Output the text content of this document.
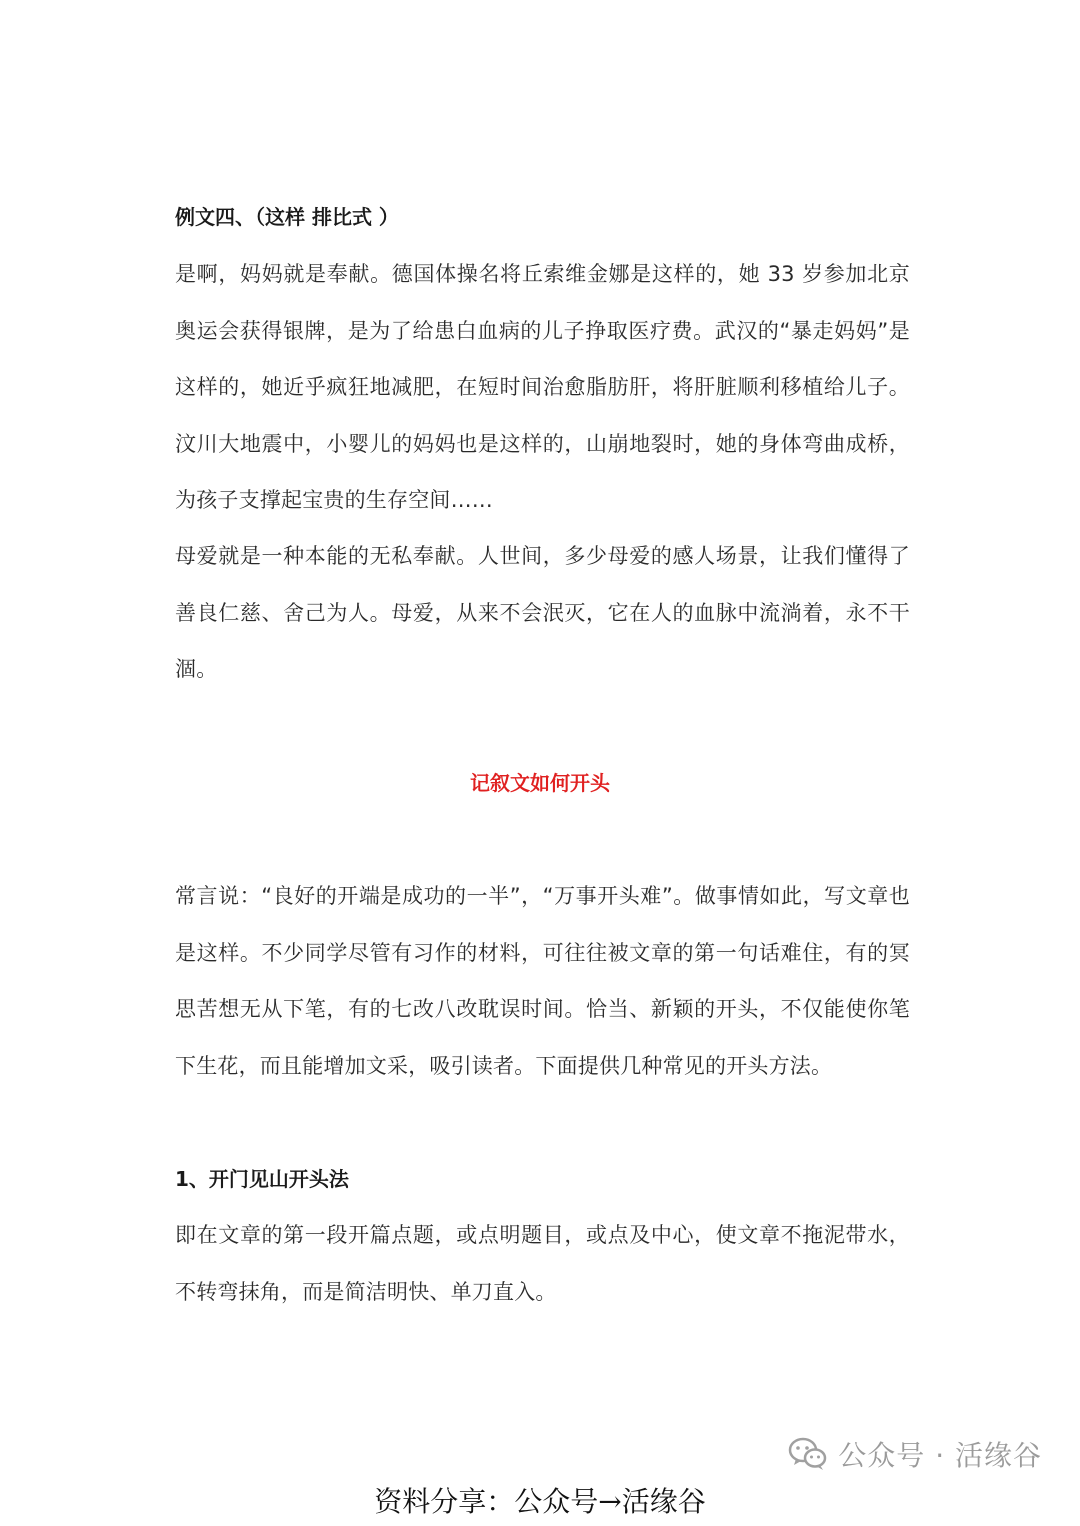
例文四、（这样 排比式 ）

是啊，妈妈就是奉献。德国体操名将丘索维金娜是这样的，她 33 岁参加北京奥运会获得银牌，是为了给患白血病的儿子挣取医疗费。武汉的“暴走妈妈”是 这样的，她近乎疯狂地减肥，在短时间治愈脂肪肝，将肝脏顺利移植给儿子。汶川大地震中，小婴儿的妈妈也是这样的，山崩地裂时，她的身体弯曲成桥，为孩子支撑起宝贵的生存空间……

母爱就是一种本能的无私奉献。人世间，多少母爱的感人场景，让我们懂得了善良仁慈、舍己为人。母爱，从来不会泯灭，它在人的血脉中流淌着，永不干涸。

记叙文如何开头

常言说：“良好的开端是成功的一半”，“万事开头难”。做事情如此，写文章也是这样。不少同学尽管有习作的材料，可往往被文章的第一句话难住，有的冥思苦想无从下笔，有的七改八改耽误时间。恰当、新颖的开头，不仅能使你笔下生花，而且能增加文采，吸引读者。下面提供几种常见的开头方法。

1、开门见山开头法

即在文章的第一段开篇点题，或点明题目，或点及中心，使文章不拖泥带水，不转弯抹角，而是简洁明快、单刀直入。

公众号 · 活缘谷
资料分享：公众号→活缘谷
